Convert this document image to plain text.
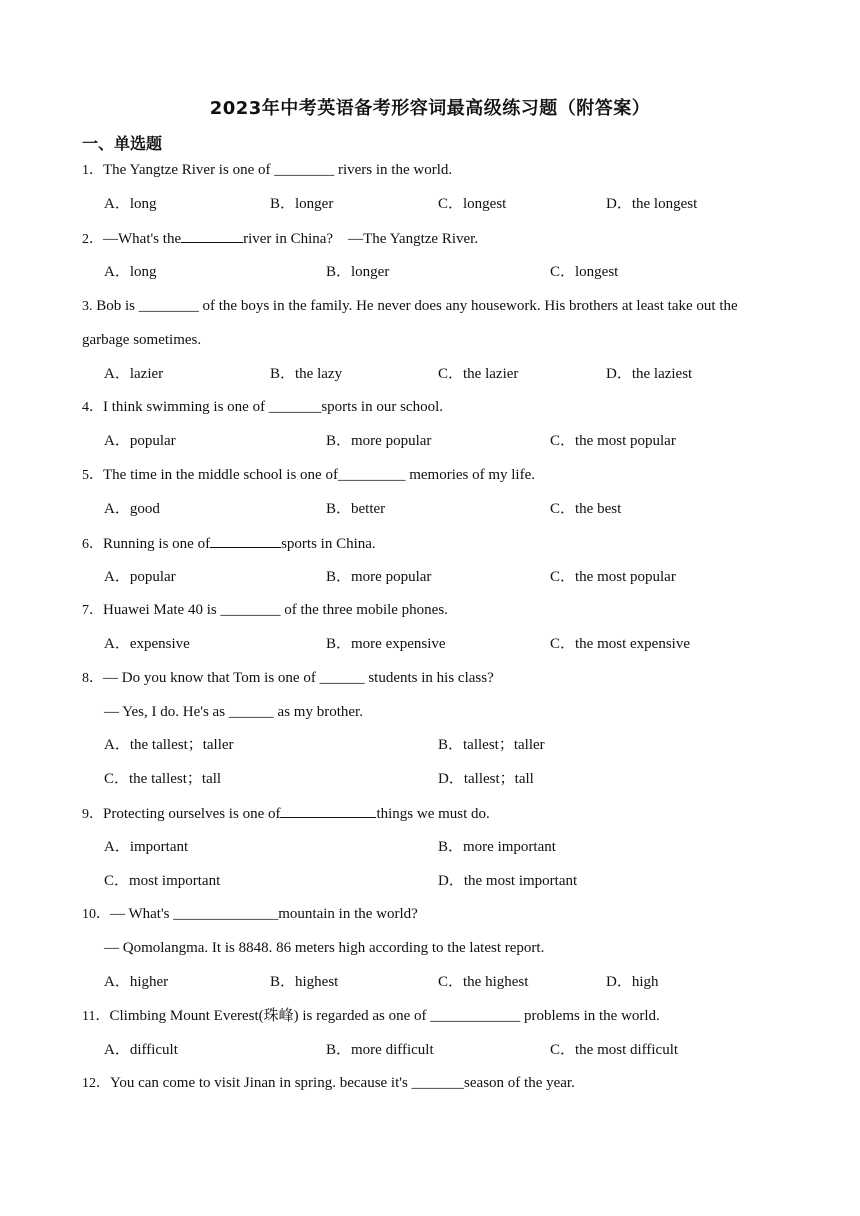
2023年中考英语备考形容词最高级练习题（附答案）
一、单选题
1．The Yangtze River is one of ________ rivers in the world.
A．long	B．longer	C．longest	D．the longest
2．—What's the	river in China?　—The Yangtze River.
A．long	B．longer	C．longest
3. Bob is ________ of the boys in the family. He never does any housework. His brothers at least take out the
garbage sometimes.
A．lazier	B．the lazy	C．the lazier	D．the laziest
4．I think swimming is one of _______sports in our school.
A．popular	B．more popular	C．the most popular
5．The time in the middle school is one of_________ memories of my life.
A．good	B．better	C．the best
6．Running is one of	sports in China.
A．popular	B．more popular	C．the most popular
7．Huawei Mate 40 is ________ of the three mobile phones.
A．expensive	B．more expensive	C．the most expensive
8．— Do you know that Tom is one of ______ students in his class?
— Yes, I do. He's as ______ as my brother.
A．the tallest；taller	B．tallest；taller
C．the tallest；tall	D．tallest；tall
9．Protecting ourselves is one of	things we must do.
A．important	B．more important
C．most important	D．the most important
10．— What's ______________mountain in the world?
— Qomolangma. It is 8848. 86 meters high according to the latest report.
A．higher	B．highest	C．the highest	D．high
11．Climbing Mount Everest(珠峰) is regarded as one of ____________ problems in the world.
A．difficult	B．more difficult	C．the most difficult
12．You can come to visit Jinan in spring. because it's _______season of the year.
